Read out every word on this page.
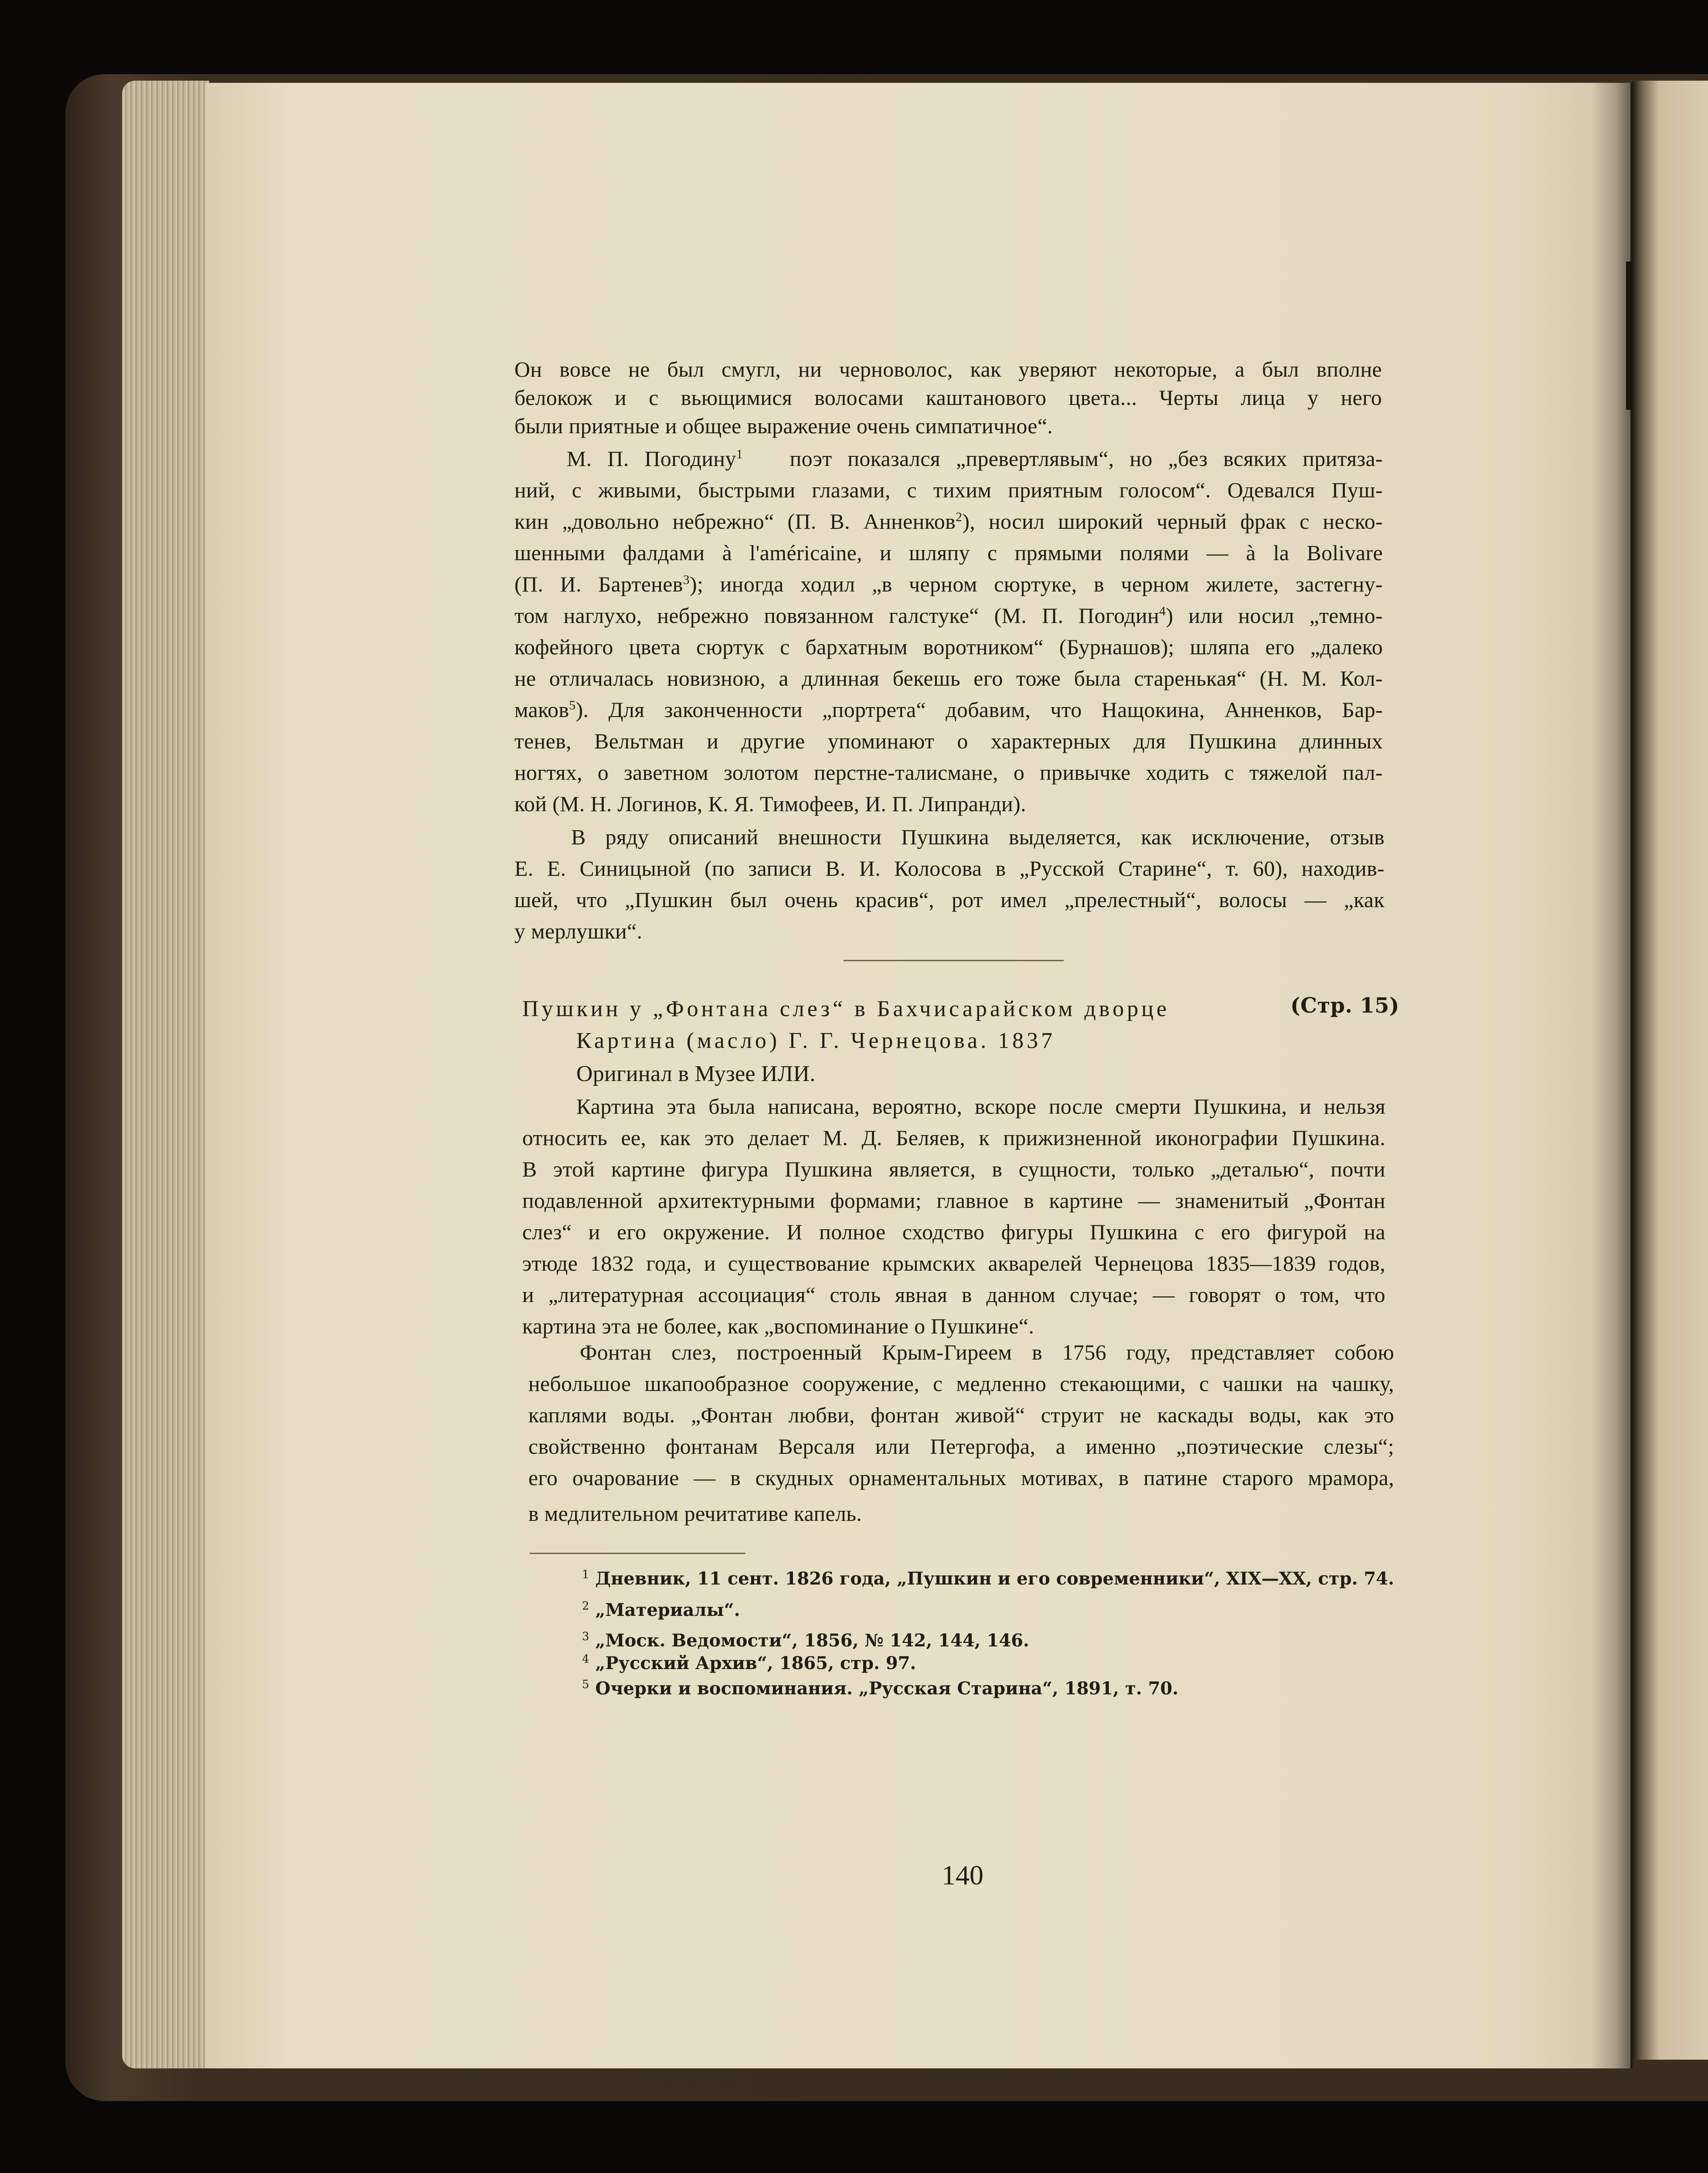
Он вовсе не был смугл, ни черноволос, как уверяют некоторые, а был вполне
белокож и с вьющимися волосами каштанового цвета... Черты лица у него
были приятные и общее выражение очень симпатичное“.
М. П. Погодину$^1$ поэт показался „превертлявым“, но „без всяких притяза-
ний, с живыми, быстрыми глазами, с тихим приятным голосом“. Одевался Пуш-
кин „довольно небрежно“ (П. В. Анненков$^2$), носил широкий черный фрак с неско-
шенными фалдами à l'américaine, и шляпу с прямыми полями — à la Bolivare
(П. И. Бартенев$^3$); иногда ходил „в черном сюртуке, в черном жилете, застегну-
том наглухо, небрежно повязанном галстуке“ (М. П. Погодин$^4$) или носил „темно-
кофейного цвета сюртук с бархатным воротником“ (Бурнашов); шляпа его „далеко
не отличалась новизною, а длинная бекешь его тоже была старенькая“ (Н. М. Кол-
маков$^5$). Для законченности „портрета“ добавим, что Нащокина, Анненков, Бар-
тенев, Вельтман и другие упоминают о характерных для Пушкина длинных
ногтях, о заветном золотом перстне-талисмане, о привычке ходить с тяжелой пал-
кой (М. Н. Логинов, К. Я. Тимофеев, И. П. Липранди).
В ряду описаний внешности Пушкина выделяется, как исключение, отзыв
Е. Е. Синицыной (по записи В. И. Колосова в „Русской Старине“, т. 60), находив-
шей, что „Пушкин был очень красив“, рот имел „прелестный“, волосы — „как
у мерлушки“.
Пушкин у „Фонтана слез“ в Бахчисарайском дворце	(Стр. 15)
Картина (масло) Г. Г. Чернецова. 1837
Оригинал в Музее ИЛИ.
Картина эта была написана, вероятно, вскоре после смерти Пушкина, и нельзя
относить ее, как это делает М. Д. Беляев, к прижизненной иконографии Пушкина.
В этой картине фигура Пушкина является, в сущности, только „деталью“, почти
подавленной архитектурными формами; главное в картине — знаменитый „Фонтан
слез“ и его окружение. И полное сходство фигуры Пушкина с его фигурой на
этюде 1832 года, и существование крымских акварелей Чернецова 1835—1839 годов,
и „литературная ассоциация“ столь явная в данном случае; — говорят о том, что
картина эта не более, как „воспоминание о Пушкине“.
Фонтан слез, построенный Крым-Гиреем в 1756 году, представляет собою
небольшое шкапообразное сооружение, с медленно стекающими, с чашки на чашку,
каплями воды. „Фонтан любви, фонтан живой“ струит не каскады воды, как это
свойственно фонтанам Версаля или Петергофа, а именно „поэтические слезы“;
его очарование — в скудных орнаментальных мотивах, в патине старого мрамора,
в медлительном речитативе капель.
$^1$ Дневник, 11 сент. 1826 года, „Пушкин и его современники“, XIX—XX, стр. 74.
$^2$ „Материалы“.
$^3$ „Моск. Ведомости“, 1856, № 142, 144, 146.
$^4$ „Русский Архив“, 1865, стр. 97.
$^5$ Очерки и воспоминания. „Русская Старина“, 1891, т. 70.
140
